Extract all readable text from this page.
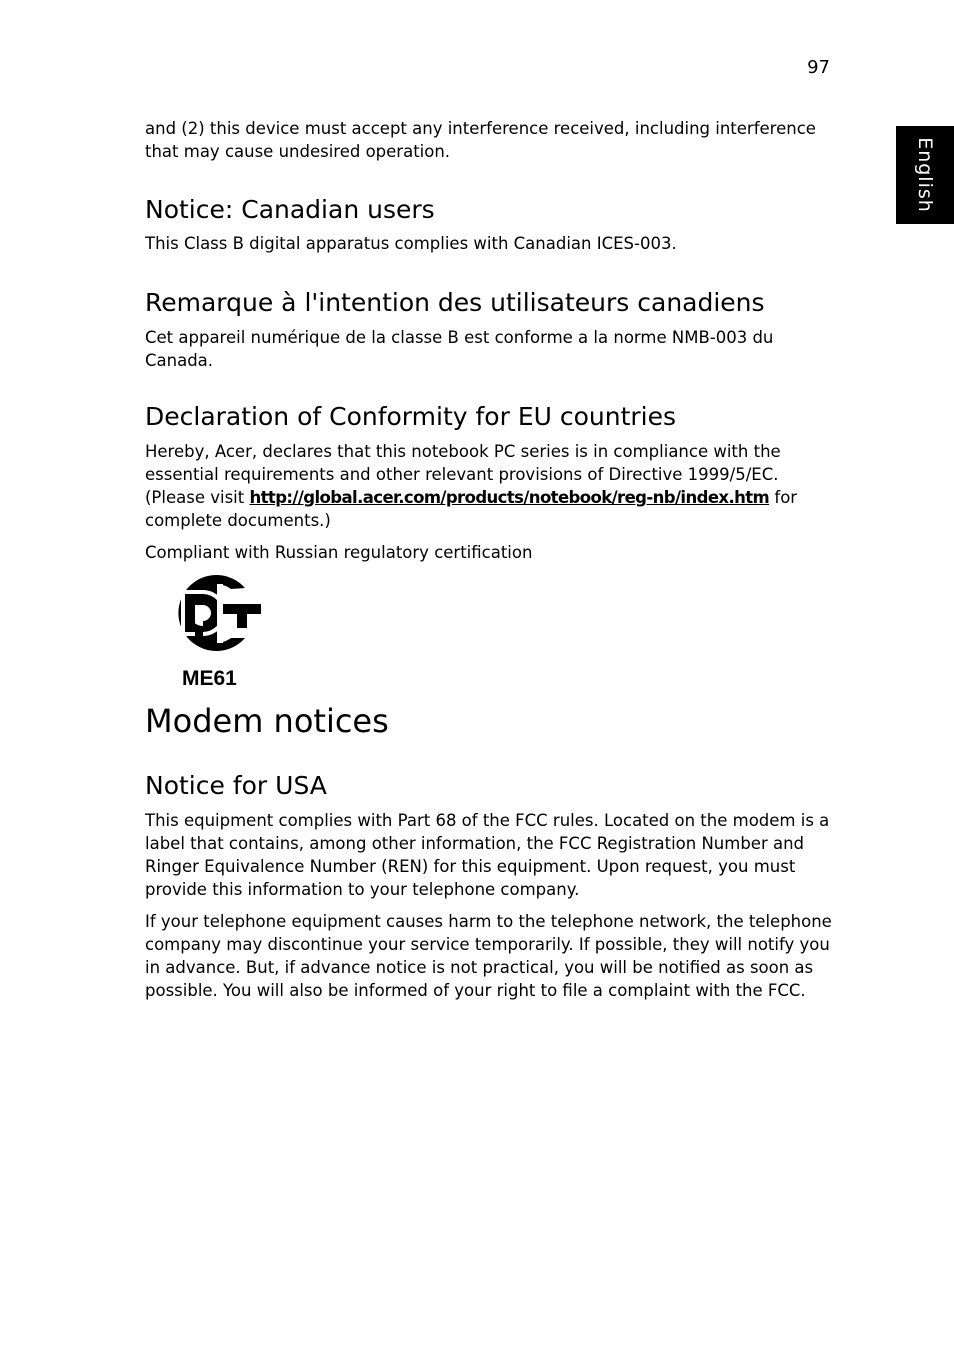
97
English

and (2) this device must accept any interference received, including interference that may cause undesired operation.

Notice: Canadian users

This Class B digital apparatus complies with Canadian ICES-003.

Remarque à l'intention des utilisateurs canadiens

Cet appareil numérique de la classe B est conforme a la norme NMB-003 du Canada.

Declaration of Conformity for EU countries

Hereby, Acer, declares that this notebook PC series is in compliance with the essential requirements and other relevant provisions of Directive 1999/5/EC. (Please visit http://global.acer.com/products/notebook/reg-nb/index.htm for complete documents.)

Compliant with Russian regulatory certification

ME61
Modem notices
Notice for USA

This equipment complies with Part 68 of the FCC rules. Located on the modem is a label that contains, among other information, the FCC Registration Number and Ringer Equivalence Number (REN) for this equipment. Upon request, you must provide this information to your telephone company.

If your telephone equipment causes harm to the telephone network, the telephone company may discontinue your service temporarily. If possible, they will notify you in advance. But, if advance notice is not practical, you will be notified as soon as possible. You will also be informed of your right to file a complaint with the FCC.
